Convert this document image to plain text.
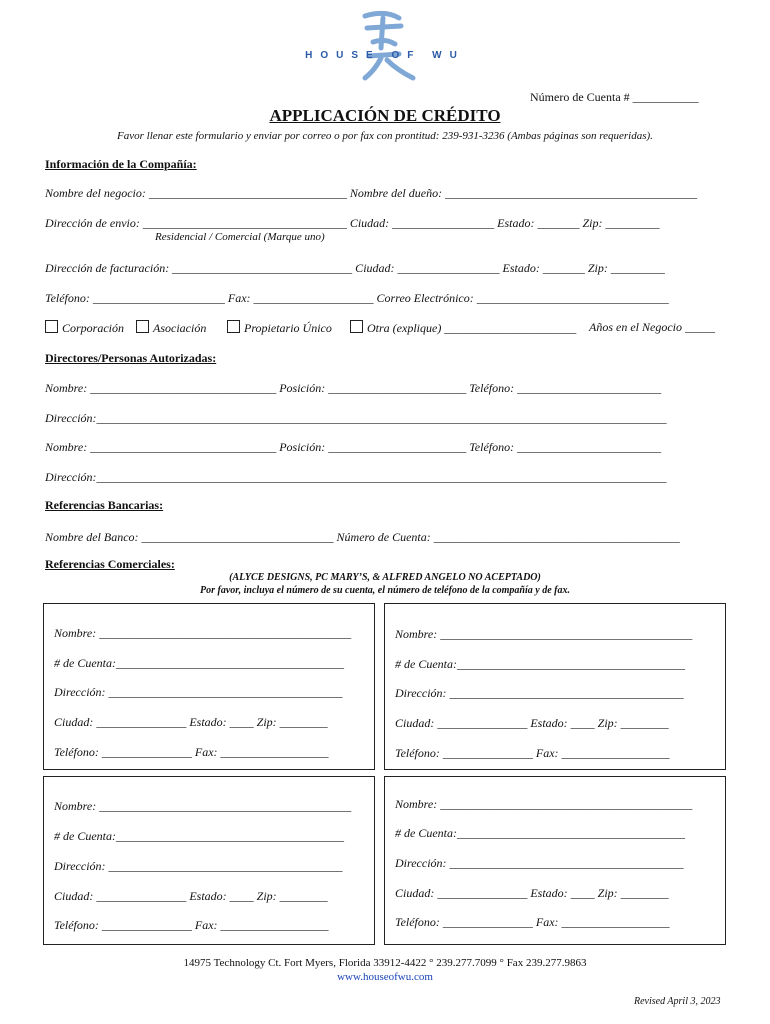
HOUSE OF WU
Número de Cuenta # ___________
APPLICACIÓN DE CRÉDITO
Favor llenar este formulario y enviar por correo o por fax con prontitud: 239-931-3236 (Ambas páginas son requeridas).
Información de la Compañía:
Nombre del negocio: _________________________________ Nombre del dueño: __________________________________________
Dirección de envio: __________________________________ Ciudad: _________________ Estado: _______ Zip: _________
Residencial / Comercial (Marque uno)
Dirección de facturación: ______________________________ Ciudad: _________________ Estado: _______ Zip: _________
Teléfono: ______________________ Fax: ____________________ Correo Electrónico: ________________________________
Corporación	Asociación	Propietario Único	Otra (explique) ______________________ Años en el Negocio _____
Directores/Personas Autorizadas:
Nombre: _______________________________ Posición: _______________________ Teléfono: ________________________
Dirección:_______________________________________________________________________________________________
Nombre: _______________________________ Posición: _______________________ Teléfono: ________________________
Dirección:_______________________________________________________________________________________________
Referencias Bancarias:
Nombre del Banco: ________________________________ Número de Cuenta: _________________________________________
Referencias Comerciales:
(ALYCE DESIGNS, PC MARY’S, & ALFRED ANGELO NO ACEPTADO)
Por favor, incluya el número de su cuenta, el número de teléfono de la compañía y de fax.
Nombre: __________________________________________
# de Cuenta:______________________________________
Dirección: _______________________________________
Ciudad: _______________ Estado: ____ Zip: ________
Teléfono: _______________ Fax: __________________
Nombre: __________________________________________
# de Cuenta:______________________________________
Dirección: _______________________________________
Ciudad: _______________ Estado: ____ Zip: ________
Teléfono: _______________ Fax: __________________
Nombre: __________________________________________
# de Cuenta:______________________________________
Dirección: _______________________________________
Ciudad: _______________ Estado: ____ Zip: ________
Teléfono: _______________ Fax: __________________
Nombre: __________________________________________
# de Cuenta:______________________________________
Dirección: _______________________________________
Ciudad: _______________ Estado: ____ Zip: ________
Teléfono: _______________ Fax: __________________
14975 Technology Ct. Fort Myers, Florida 33912-4422 ° 239.277.7099 ° Fax 239.277.9863
www.houseofwu.com
Revised April 3, 2023
